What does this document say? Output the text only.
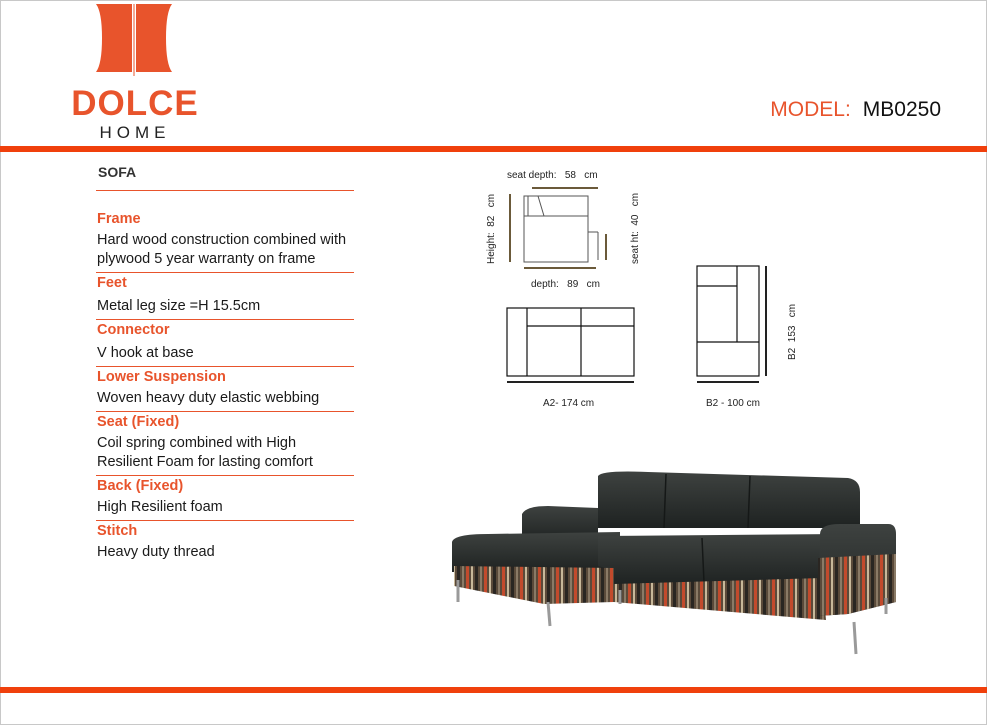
DOLCE
HOME
MODEL: MB0250
SOFA
Frame
Hard wood construction combined with plywood 5 year warranty on frame
Feet
Metal leg size =H 15.5cm
Connector
V hook at base
Lower Suspension
Woven heavy duty elastic webbing
Seat (Fixed)
Coil spring combined with High Resilient Foam for lasting comfort
Back (Fixed)
High Resilient foam
Stitch
Heavy duty thread
seat depth:   58   cm
Height:  82   cm	seat ht:  40   cm
depth:   89   cm
A2- 174 cm	B2 - 100 cm
B2  153   cm
